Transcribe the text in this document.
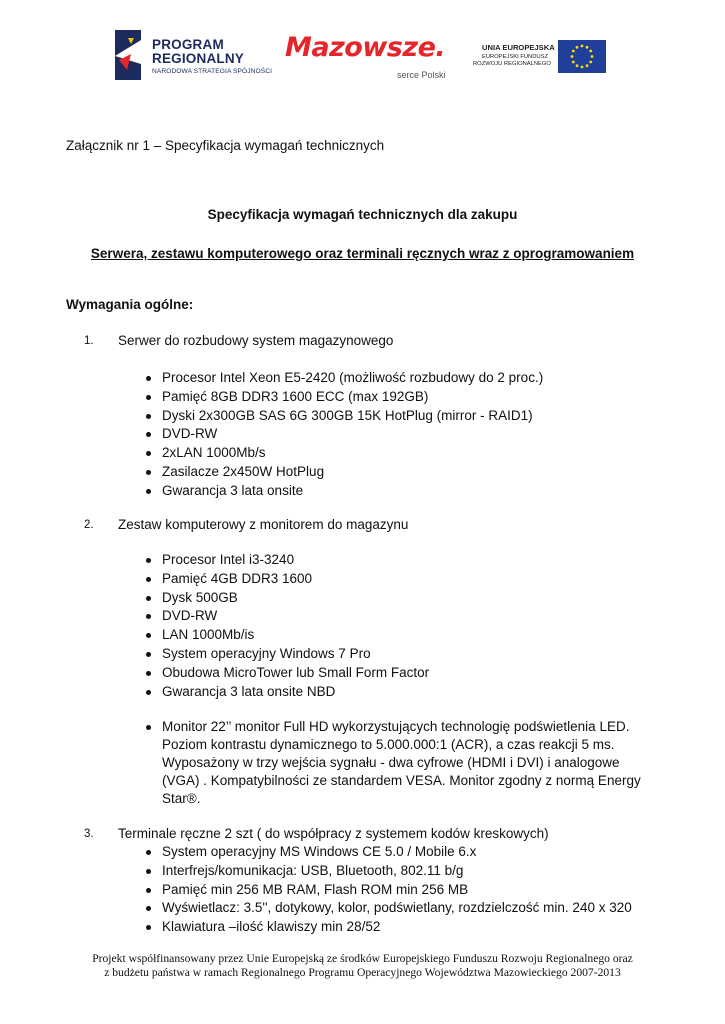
PROGRAM
REGIONALNY
NARODOWA STRATEGIA SPÓJNOŚCI
Mazowsze.
serce Polski
UNIA EUROPEJSKA
EUROPEJSKI FUNDUSZ
ROZWOJU REGIONALNEGO
Załącznik nr 1 – Specyfikacja wymagań technicznych
Specyfikacja wymagań technicznych dla zakupu
Serwera, zestawu komputerowego oraz terminali ręcznych wraz z oprogramowaniem
Wymagania ogólne:
1. Serwer do rozbudowy system magazynowego
Procesor Intel Xeon E5-2420 (możliwość rozbudowy do 2 proc.)
Pamięć 8GB DDR3 1600 ECC (max 192GB)
Dyski 2x300GB SAS 6G 300GB 15K HotPlug (mirror - RAID1)
DVD-RW
2xLAN 1000Mb/s
Zasilacze 2x450W HotPlug
Gwarancja 3 lata onsite
2. Zestaw komputerowy z monitorem do magazynu
Procesor Intel i3-3240
Pamięć 4GB DDR3 1600
Dysk 500GB
DVD-RW
LAN 1000Mb/is
System operacyjny Windows 7 Pro
Obudowa MicroTower lub Small Form Factor
Gwarancja 3 lata onsite NBD
Monitor 22’’ monitor Full HD wykorzystujących technologię podświetlenia LED. Poziom kontrastu dynamicznego to 5.000.000:1 (ACR), a czas reakcji 5 ms. Wyposażony w trzy wejścia sygnału - dwa cyfrowe (HDMI i DVI) i analogowe (VGA) . Kompatybilności ze standardem VESA. Monitor zgodny z normą Energy Star®.
3. Terminale ręczne 2 szt ( do współpracy z systemem kodów kreskowych)
System operacyjny MS Windows CE 5.0 / Mobile 6.x
Interfrejs/komunikacja: USB, Bluetooth, 802.11 b/g
Pamięć min 256 MB RAM, Flash ROM min 256 MB
Wyświetlacz: 3.5'', dotykowy, kolor, podświetlany, rozdzielczość min. 240 x 320
Klawiatura –ilość klawiszy min 28/52
Projekt współfinansowany przez Unie Europejską ze środków Europejskiego Funduszu Rozwoju Regionalnego oraz
z budżetu państwa w ramach Regionalnego Programu Operacyjnego Województwa Mazowieckiego 2007-2013
